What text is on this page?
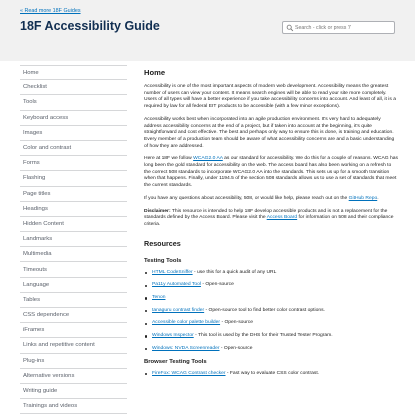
« Read more 18F Guides
18F Accessibility Guide
Search - click or press '/'
Home
Checklist
Tools
Keyboard access
Images
Color and contrast
Forms
Flashing
Page titles
Headings
Hidden Content
Landmarks
Multimedia
Timeouts
Language
Tables
CSS dependence
iFrames
Links and repetitive content
Plug-ins
Alternative versions
Writing guide
Trainings and videos
Home

Accessibility is one of the most important aspects of modern web development. Accessibility means the greatest number of users can view your content. It means search engines will be able to read your site more completely. Users of all types will have a better experience if you take accessibility concerns into account. And least of all, it is a required by law for all federal EIT products to be accessible (with a few minor exceptions).

Accessibility works best when incorporated into an agile production environment. It's very hard to adequately address accessibility concerns at the end of a project, but if taken into account at the beginning, it's quite straightforward and cost effective. The best and perhaps only way to ensure this is done, is training and education. Every member of a production team should be aware of what accessibility concerns are and a basic understanding of how they are addressed.

Here at 18F we follow WCAG2.0 AA as our standard for accessibility. We do this for a couple of reasons. WCAG has long been the gold standard for accessibility on the web. The access board has also been working on a refresh to the correct 508 standards to incorporate WCAG2.0 AA into the standards. This sets us up for a smooth transition when that happens. Finally, under 1194.5 of the section 508 standards allows us to use a set of standards that meet the current standards.

If you have any questions about accessibility, 508, or would like help, please reach out on the GitHub Repo.

Disclaimer: This resource is intended to help 18F develop accessible products and is not a replacement for the standards defined by the Access Board. Please visit the Access Board for information on 508 and their compliance criteria.

Resources
Testing Tools
HTML CodeSniffer - use this for a quick audit of any URL
Pa11y Automated Tool - Open-source
Tenon
tanaguru contrast finder - Open-source tool to find better color contrast options.
Accessible color palette builder - Open-source
Windows Inspector - This tool is used by the DHS for their Trusted Tester Program.
Windows: NVDA Screenreader - Open-source
Browser Testing Tools
FireFox: WCAG Contrast checker - Fast way to evaluate CSS color contrast.
